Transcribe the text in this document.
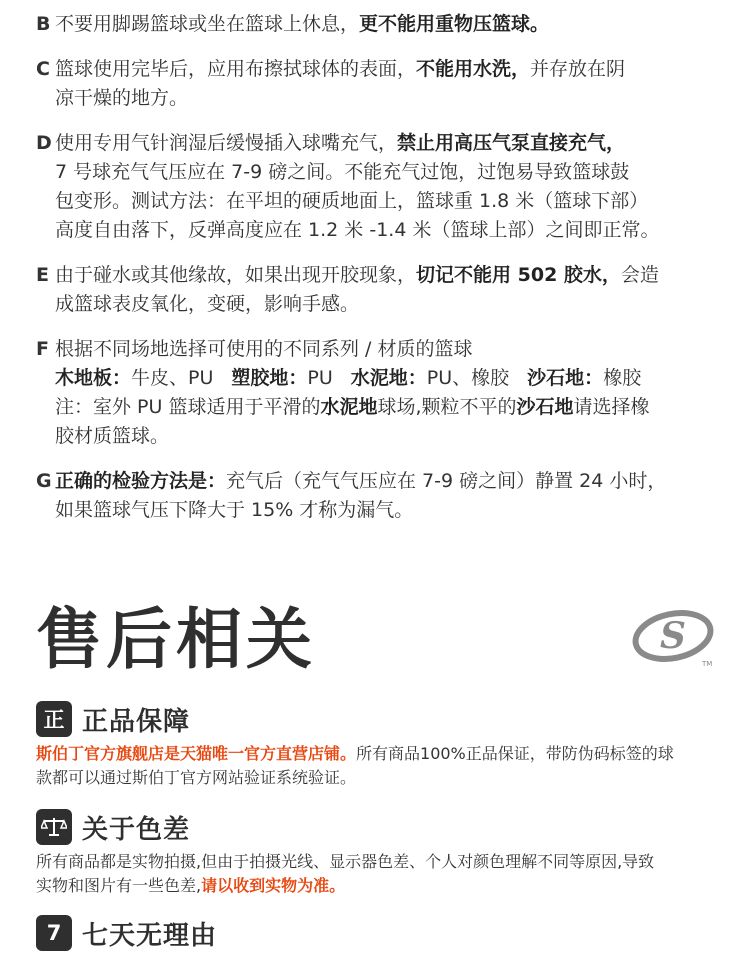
B 不要用脚踢篮球或坐在篮球上休息，更不能用重物压篮球。
C 篮球使用完毕后，应用布擦拭球体的表面，不能用水洗，并存放在阴
凉干燥的地方。
D 使用专用气针润湿后缓慢插入球嘴充气，禁止用高压气泵直接充气，
7 号球充气气压应在 7-9 磅之间。不能充气过饱，过饱易导致篮球鼓
包变形。测试方法：在平坦的硬质地面上，篮球重 1.8 米（篮球下部）
高度自由落下，反弹高度应在 1.2 米 -1.4 米（篮球上部）之间即正常。
E 由于碰水或其他缘故，如果出现开胶现象，切记不能用 502 胶水，会造
成篮球表皮氧化，变硬，影响手感。
F 根据不同场地选择可使用的不同系列 / 材质的篮球
木地板：牛皮、PU 塑胶地：PU 水泥地：PU、橡胶 沙石地：橡胶
注：室外 PU 篮球适用于平滑的水泥地球场,颗粒不平的沙石地请选择橡
胶材质篮球。
G 正确的检验方法是：充气后（充气气压应在 7-9 磅之间）静置 24 小时，
如果篮球气压下降大于 15% 才称为漏气。
售后相关	S
TM
正 正品保障
斯伯丁官方旗舰店是天猫唯一官方直营店铺。所有商品100%正品保证，带防伪码标签的球
款都可以通过斯伯丁官方网站验证系统验证。
关于色差
所有商品都是实物拍摄,但由于拍摄光线、显示器色差、个人对颜色理解不同等原因,导致
实物和图片有一些色差,请以收到实物为准。
7 七天无理由
